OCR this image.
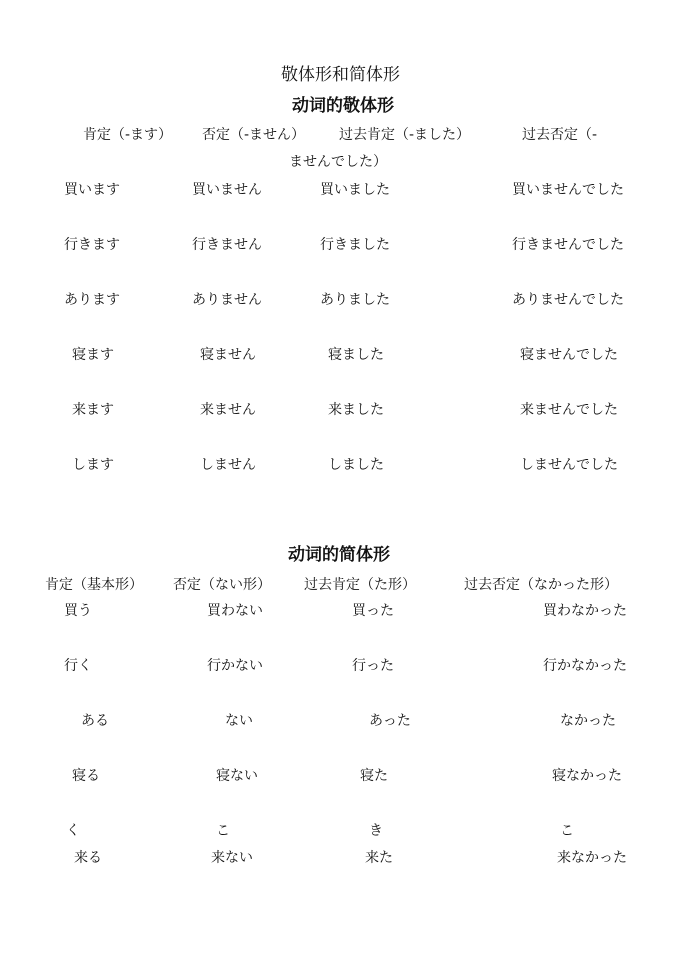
敬体形和简体形
动词的敬体形
肯定（-ます） 否定（-ません） 过去肯定（-ました）	过去否定（-
ませんでした）
買います	買いません	買いました	買いませんでした
行きます	行きません	行きました	行きませんでした
あります	ありません	ありました	ありませんでした
寝ます	寝ません	寝ました	寝ませんでした
来ます	来ません	来ました	来ませんでした
します	しません	しました	しませんでした
动词的简体形
肯定（基本形） 否定（ない形） 过去肯定（た形）	过去否定（なかった形）
買う	買わない	買った	買わなかった
行く	行かない	行った	行かなかった
ある	ない	あった	なかった
寝る	寝ない	寝た	寝なかった
く	こ	き	こ
来る	来ない	来た	来なかった
